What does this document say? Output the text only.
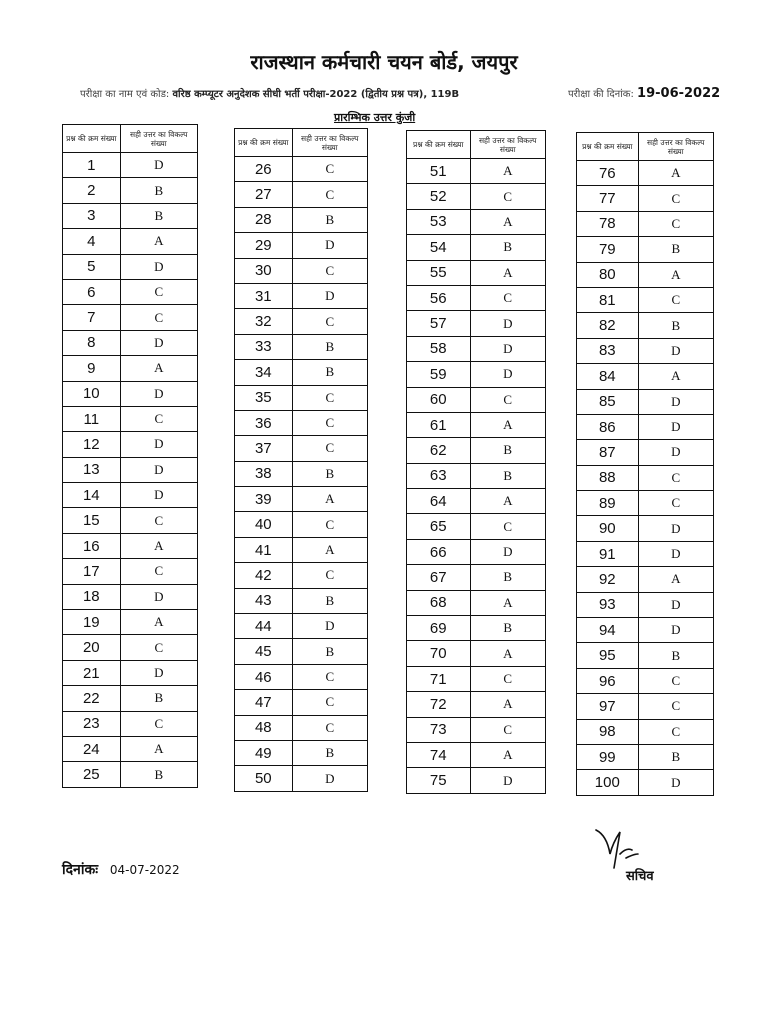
राजस्थान कर्मचारी चयन बोर्ड, जयपुर
परीक्षा का नाम एवं कोड: वरिष्ठ कम्प्यूटर अनुदेशक सीधी भर्ती परीक्षा-2022 (द्वितीय प्रश्न पत्र), 119B	परीक्षा की दिनांक: 19-06-2022
प्रारम्भिक उत्तर कुंजी
प्रश्न की क्रम संख्या	सही उत्तर का विकल्प संख्या
1	D
2	B
3	B
4	A
5	D
6	C
7	C
8	D
9	A
10	D
11	C
12	D
13	D
14	D
15	C
16	A
17	C
18	D
19	A
20	C
21	D
22	B
23	C
24	A
25	B
प्रश्न की क्रम संख्या	सही उत्तर का विकल्प संख्या
26	C
27	C
28	B
29	D
30	C
31	D
32	C
33	B
34	B
35	C
36	C
37	C
38	B
39	A
40	C
41	A
42	C
43	B
44	D
45	B
46	C
47	C
48	C
49	B
50	D
प्रश्न की क्रम संख्या	सही उत्तर का विकल्प संख्या
51	A
52	C
53	A
54	B
55	A
56	C
57	D
58	D
59	D
60	C
61	A
62	B
63	B
64	A
65	C
66	D
67	B
68	A
69	B
70	A
71	C
72	A
73	C
74	A
75	D
प्रश्न की क्रम संख्या	सही उत्तर का विकल्प संख्या
76	A
77	C
78	C
79	B
80	A
81	C
82	B
83	D
84	A
85	D
86	D
87	D
88	C
89	C
90	D
91	D
92	A
93	D
94	D
95	B
96	C
97	C
98	C
99	B
100	D
दिनांकः 04-07-2022	सचिव
